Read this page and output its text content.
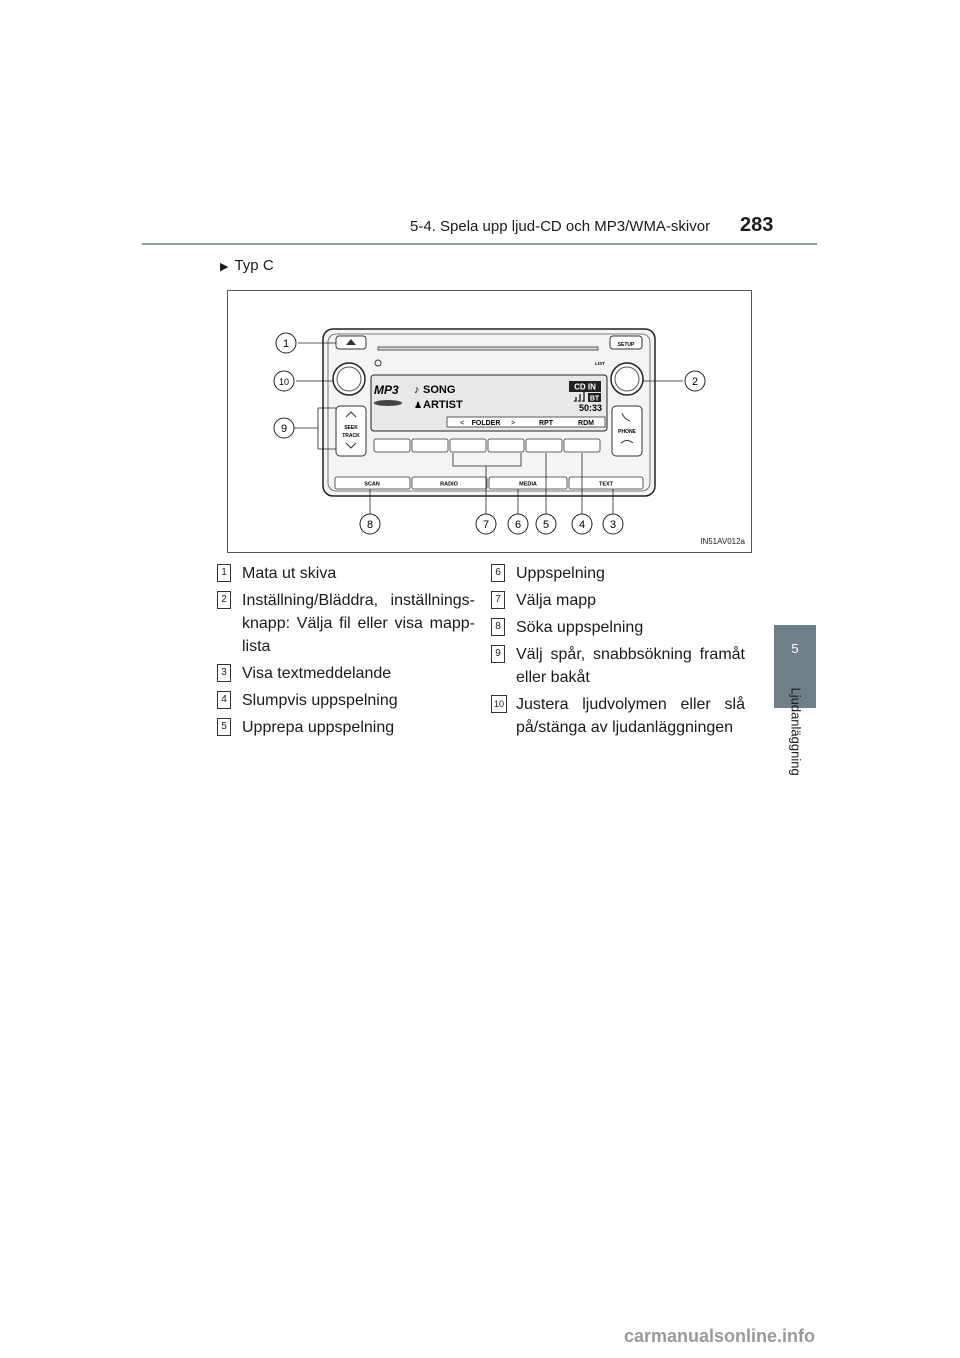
5-4. Spela upp ljud-CD och MP3/WMA-skivor 283
5
Ljudanläggning
▶ Typ C
SETUP
LIST
MP3 ♪ SONG
♟ ARTIST
CD IN
BT
50:33
< FOLDER >	RPT	RDM
SEEK
TRACK
PHONE
SCAN	RADIO	MEDIA	TEXT
1
10
9
2
8	7 6 5	4 3
IN51AV012a
1 Mata ut skiva
2 Inställning/Bläddra, inställnings-knapp: Välja fil eller visa mapp-lista
3 Visa textmeddelande
4 Slumpvis uppspelning
5 Upprepa uppspelning
6 Uppspelning
7 Välja mapp
8 Söka uppspelning
9 Välj spår, snabbsökning framåt eller bakåt
10 Justera ljudvolymen eller slå på/stänga av ljudanläggningen
carmanualsonline.info
